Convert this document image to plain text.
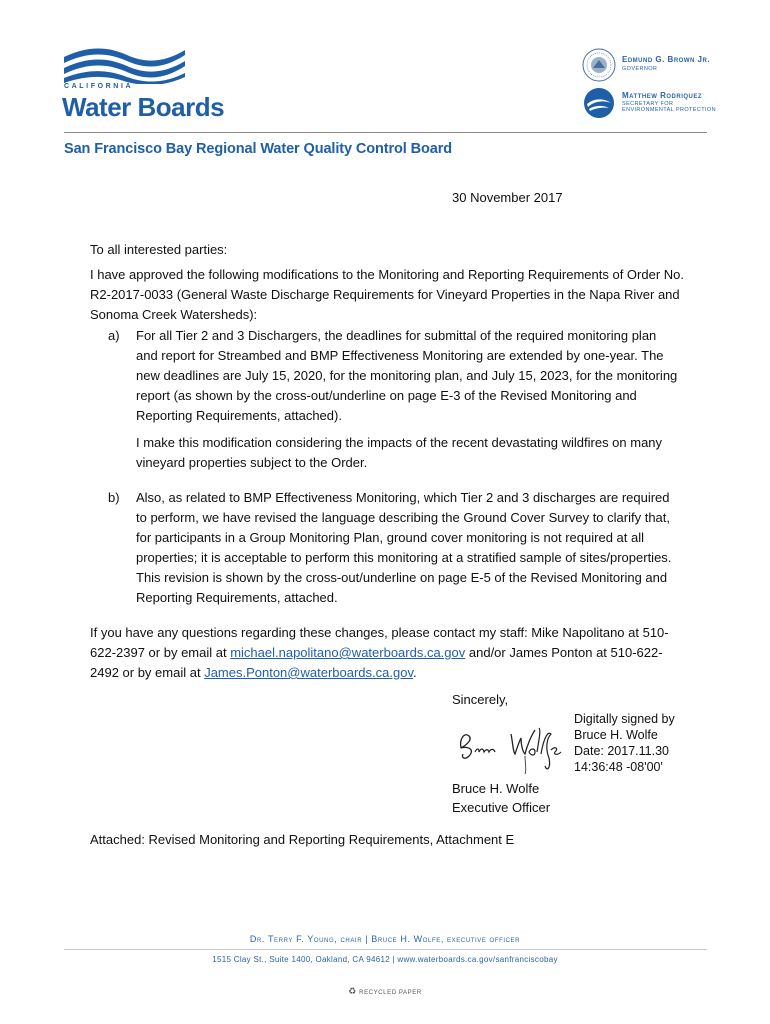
CALIFORNIA
Water Boards
Edmund G. Brown Jr.
GOVERNOR
Matthew Rodriquez
SECRETARY FOR
ENVIRONMENTAL PROTECTION
San Francisco Bay Regional Water Quality Control Board
30 November 2017
To all interested parties:
I have approved the following modifications to the Monitoring and Reporting Requirements of Order No. R2-2017-0033 (General Waste Discharge Requirements for Vineyard Properties in the Napa River and Sonoma Creek Watersheds):
a)	For all Tier 2 and 3 Dischargers, the deadlines for submittal of the required monitoring plan and report for Streambed and BMP Effectiveness Monitoring are extended by one-year. The new deadlines are July 15, 2020, for the monitoring plan, and July 15, 2023, for the monitoring report (as shown by the cross-out/underline on page E-3 of the Revised Monitoring and Reporting Requirements, attached).

I make this modification considering the impacts of the recent devastating wildfires on many vineyard properties subject to the Order.

b)	Also, as related to BMP Effectiveness Monitoring, which Tier 2 and 3 discharges are required to perform, we have revised the language describing the Ground Cover Survey to clarify that, for participants in a Group Monitoring Plan, ground cover monitoring is not required at all properties; it is acceptable to perform this monitoring at a stratified sample of sites/properties. This revision is shown by the cross-out/underline on page E-5 of the Revised Monitoring and Reporting Requirements, attached.

If you have any questions regarding these changes, please contact my staff: Mike Napolitano at 510-622-2397 or by email at michael.napolitano@waterboards.ca.gov and/or James Ponton at 510-622-2492 or by email at James.Ponton@waterboards.ca.gov.
Sincerely,
Digitally signed by
Bruce H. Wolfe
Date: 2017.11.30
14:36:48 -08'00'
Bruce H. Wolfe
Executive Officer
Attached: Revised Monitoring and Reporting Requirements, Attachment E
Dr. Terry F. Young, chair | Bruce H. Wolfe, executive officer
1515 Clay St., Suite 1400, Oakland, CA 94612 | www.waterboards.ca.gov/sanfranciscobay
♻ RECYCLED PAPER
